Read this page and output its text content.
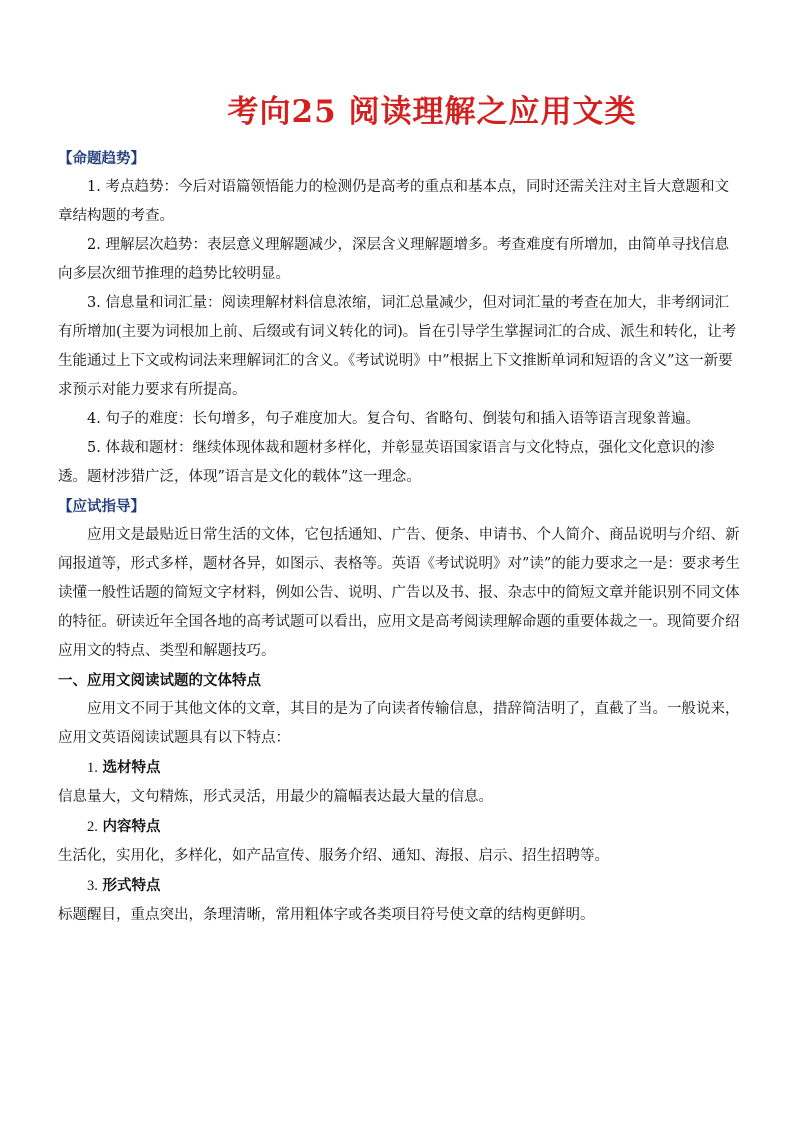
考向25 阅读理解之应用文类

【命题趋势】

1. 考点趋势：今后对语篇领悟能力的检测仍是高考的重点和基本点，同时还需关注对主旨大意题和文章结构题的考查。

2. 理解层次趋势：表层意义理解题减少，深层含义理解题增多。考查难度有所增加，由简单寻找信息向多层次细节推理的趋势比较明显。

3. 信息量和词汇量：阅读理解材料信息浓缩，词汇总量减少，但对词汇量的考查在加大，非考纲词汇有所增加(主要为词根加上前、后缀或有词义转化的词)。旨在引导学生掌握词汇的合成、派生和转化，让考生能通过上下文或构词法来理解词汇的含义。《考试说明》中”根据上下文推断单词和短语的含义”这一新要求预示对能力要求有所提高。

4. 句子的难度：长句增多，句子难度加大。复合句、省略句、倒装句和插入语等语言现象普遍。

5. 体裁和题材：继续体现体裁和题材多样化，并彰显英语国家语言与文化特点，强化文化意识的渗透。题材涉猎广泛，体现”语言是文化的载体”这一理念。

【应试指导】

应用文是最贴近日常生活的文体，它包括通知、广告、便条、申请书、个人简介、商品说明与介绍、新闻报道等，形式多样，题材各异，如图示、表格等。英语《考试说明》对”读”的能力要求之一是：要求考生读懂一般性话题的简短文字材料，例如公告、说明、广告以及书、报、杂志中的简短文章并能识别不同文体的特征。研读近年全国各地的高考试题可以看出，应用文是高考阅读理解命题的重要体裁之一。现简要介绍应用文的特点、类型和解题技巧。

一、应用文阅读试题的文体特点

应用文不同于其他文体的文章，其目的是为了向读者传输信息，措辞简洁明了，直截了当。一般说来，应用文英语阅读试题具有以下特点：

1. 选材特点

信息量大，文句精炼，形式灵活，用最少的篇幅表达最大量的信息。

2. 内容特点

生活化，实用化，多样化，如产品宣传、服务介绍、通知、海报、启示、招生招聘等。

3. 形式特点

标题醒目，重点突出，条理清晰，常用粗体字或各类项目符号使文章的结构更鲜明。
